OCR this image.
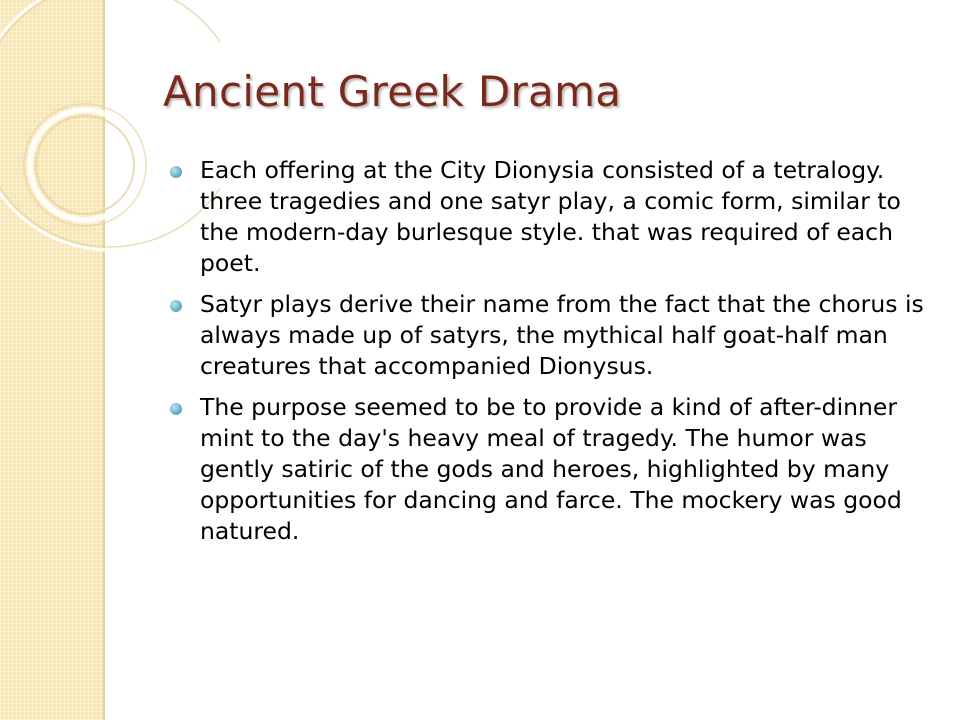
Ancient Greek Drama
Each offering at the City Dionysia consisted of a tetralogy. three tragedies and one satyr play, a comic form, similar to the modern-day burlesque style. that was required of each poet.
Satyr plays derive their name from the fact that the chorus is always made up of satyrs, the mythical half goat-half man creatures that accompanied Dionysus.
The purpose seemed to be to provide a kind of after-dinner mint to the day's heavy meal of tragedy. The humor was gently satiric of the gods and heroes, highlighted by many opportunities for dancing and farce. The mockery was good natured.
